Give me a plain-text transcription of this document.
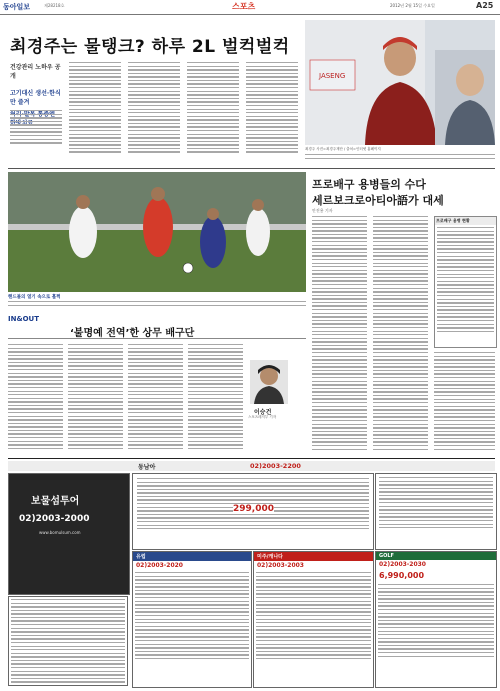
동아일보	제28218호	스포츠	2012년 2월 15일 수요일	A25
최경주는 물탱크? 하루 2L 벌컥벌컥
건강관리 노하우 공개
고기대신 생선·한식만 즐겨
JASENG
최경주 사진=최경주재단 / 출처=인터넷 홈페이지
프로배구 용병들의 수다
세르보크로아티아語가 대세
안진용 기자
핸드볼의 열기 속으로 훌쩍
프로배구 용병 현황
IN&OUT
‘불명예 전역’한 상무 배구단
이승건
스포츠레저부 기자
동남아	02)2003-2200
보물섬투어
02)2003-2000
www.bomulsum.com
299,000
유럽
02)2003-2020
미주/캐나다
02)2003-2003
GOLF
02)2003-2030
6,990,000
